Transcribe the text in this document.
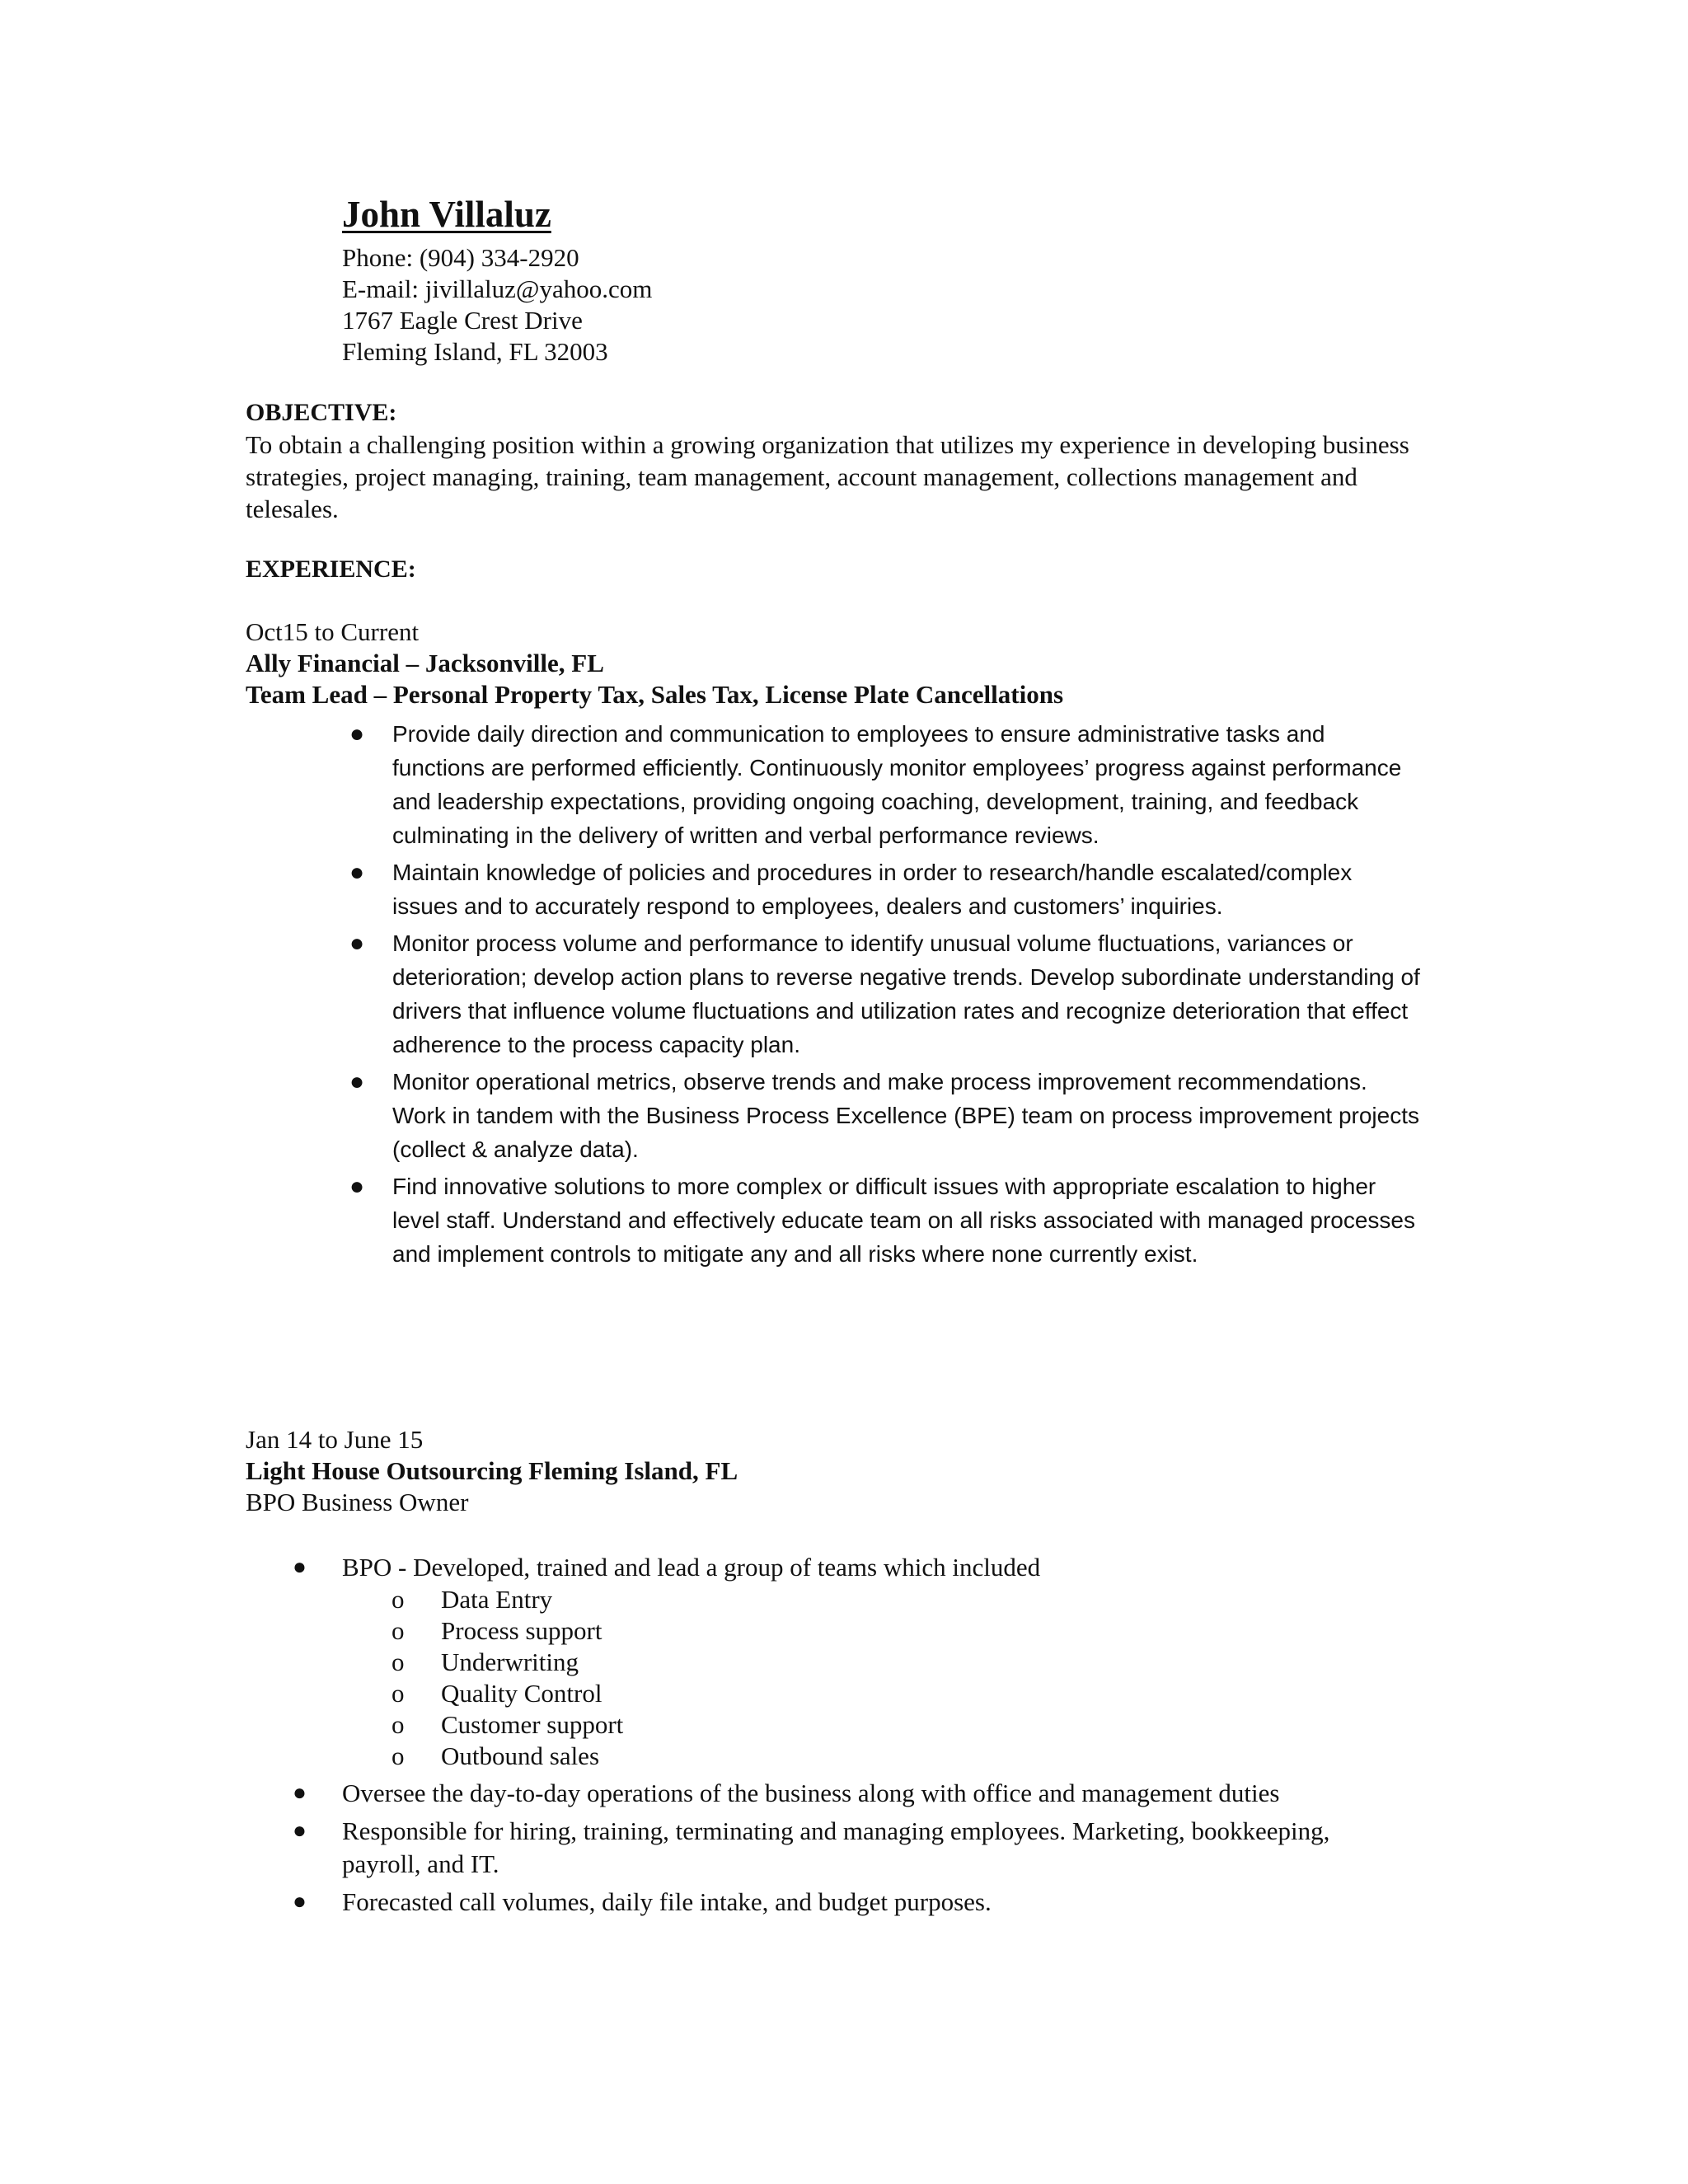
John Villaluz
Phone: (904) 334-2920
E-mail: jivillaluz@yahoo.com
1767 Eagle Crest Drive
Fleming Island, FL 32003
OBJECTIVE:
To obtain a challenging position within a growing organization that utilizes my experience in developing business strategies, project managing, training, team management, account management, collections management and telesales.
EXPERIENCE:
Oct15 to Current
Ally Financial – Jacksonville, FL
Team Lead – Personal Property Tax, Sales Tax, License Plate Cancellations
● Provide daily direction and communication to employees to ensure administrative tasks and functions are performed efficiently. Continuously monitor employees’ progress against performance and leadership expectations, providing ongoing coaching, development, training, and feedback culminating in the delivery of written and verbal performance reviews.
● Maintain knowledge of policies and procedures in order to research/handle escalated/complex issues and to accurately respond to employees, dealers and customers’ inquiries.
● Monitor process volume and performance to identify unusual volume fluctuations, variances or deterioration; develop action plans to reverse negative trends. Develop subordinate understanding of drivers that influence volume fluctuations and utilization rates and recognize deterioration that effect adherence to the process capacity plan.
● Monitor operational metrics, observe trends and make process improvement recommendations. Work in tandem with the Business Process Excellence (BPE) team on process improvement projects (collect & analyze data).
● Find innovative solutions to more complex or difficult issues with appropriate escalation to higher level staff. Understand and effectively educate team on all risks associated with managed processes and implement controls to mitigate any and all risks where none currently exist.
Jan 14 to June 15
Light House Outsourcing Fleming Island, FL
BPO Business Owner
● BPO - Developed, trained and lead a group of teams which included
o Data Entry
o Process support
o Underwriting
o Quality Control
o Customer support
o Outbound sales
● Oversee the day-to-day operations of the business along with office and management duties
● Responsible for hiring, training, terminating and managing employees. Marketing, bookkeeping, payroll, and IT.
● Forecasted call volumes, daily file intake, and budget purposes.
